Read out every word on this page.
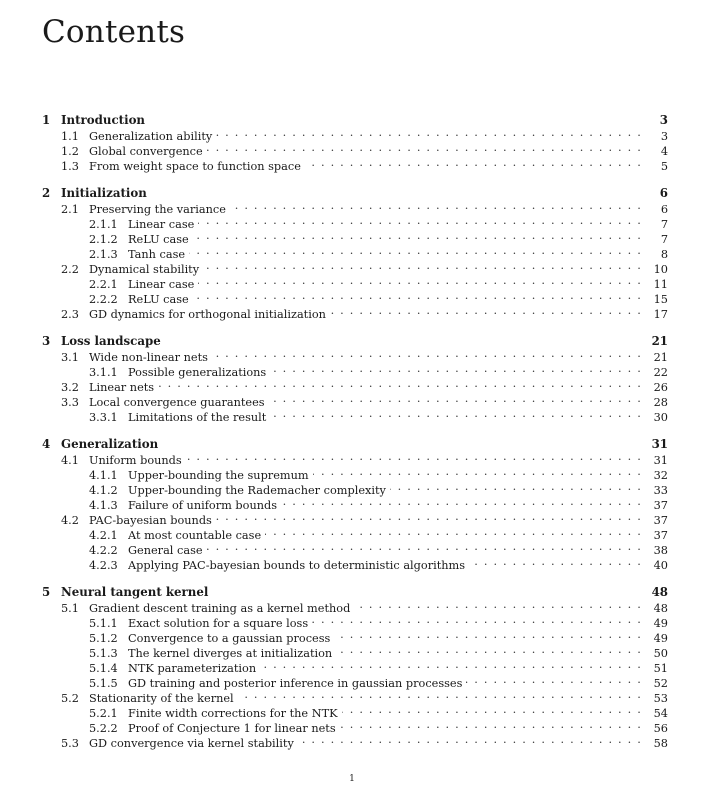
Contents
1 Introduction	3
1.1 Generalization ability . . .	3
1.2 Global convergence . . .	4
1.3 From weight space to function space . . .	5
2 Initialization	6
2.1 Preserving the variance . . .	6
2.1.1 Linear case . . .	7
2.1.2 ReLU case . . .	7
2.1.3 Tanh case . . .	8
2.2 Dynamical stability . . .	10
2.2.1 Linear case . . .	11
2.2.2 ReLU case . . .	15
2.3 GD dynamics for orthogonal initialization . . .	17
3 Loss landscape	21
3.1 Wide non-linear nets . . .	21
3.1.1 Possible generalizations . . .	22
3.2 Linear nets . . .	26
3.3 Local convergence guarantees . . .	28
3.3.1 Limitations of the result . . .	30
4 Generalization	31
4.1 Uniform bounds . . .	31
4.1.1 Upper-bounding the supremum . . .	32
4.1.2 Upper-bounding the Rademacher complexity . . .	33
4.1.3 Failure of uniform bounds . . .	37
4.2 PAC-bayesian bounds . . .	37
4.2.1 At most countable case . . .	37
4.2.2 General case . . .	38
4.2.3 Applying PAC-bayesian bounds to deterministic algorithms . . .	40
5 Neural tangent kernel	48
5.1 Gradient descent training as a kernel method . . .	48
5.1.1 Exact solution for a square loss . . .	49
5.1.2 Convergence to a gaussian process . . .	49
5.1.3 The kernel diverges at initialization . . .	50
5.1.4 NTK parameterization . . .	51
5.1.5 GD training and posterior inference in gaussian processes . . .	52
5.2 Stationarity of the kernel . . .	53
5.2.1 Finite width corrections for the NTK . . .	54
5.2.2 Proof of Conjecture 1 for linear nets . . .	56
5.3 GD convergence via kernel stability . . .	58
1
